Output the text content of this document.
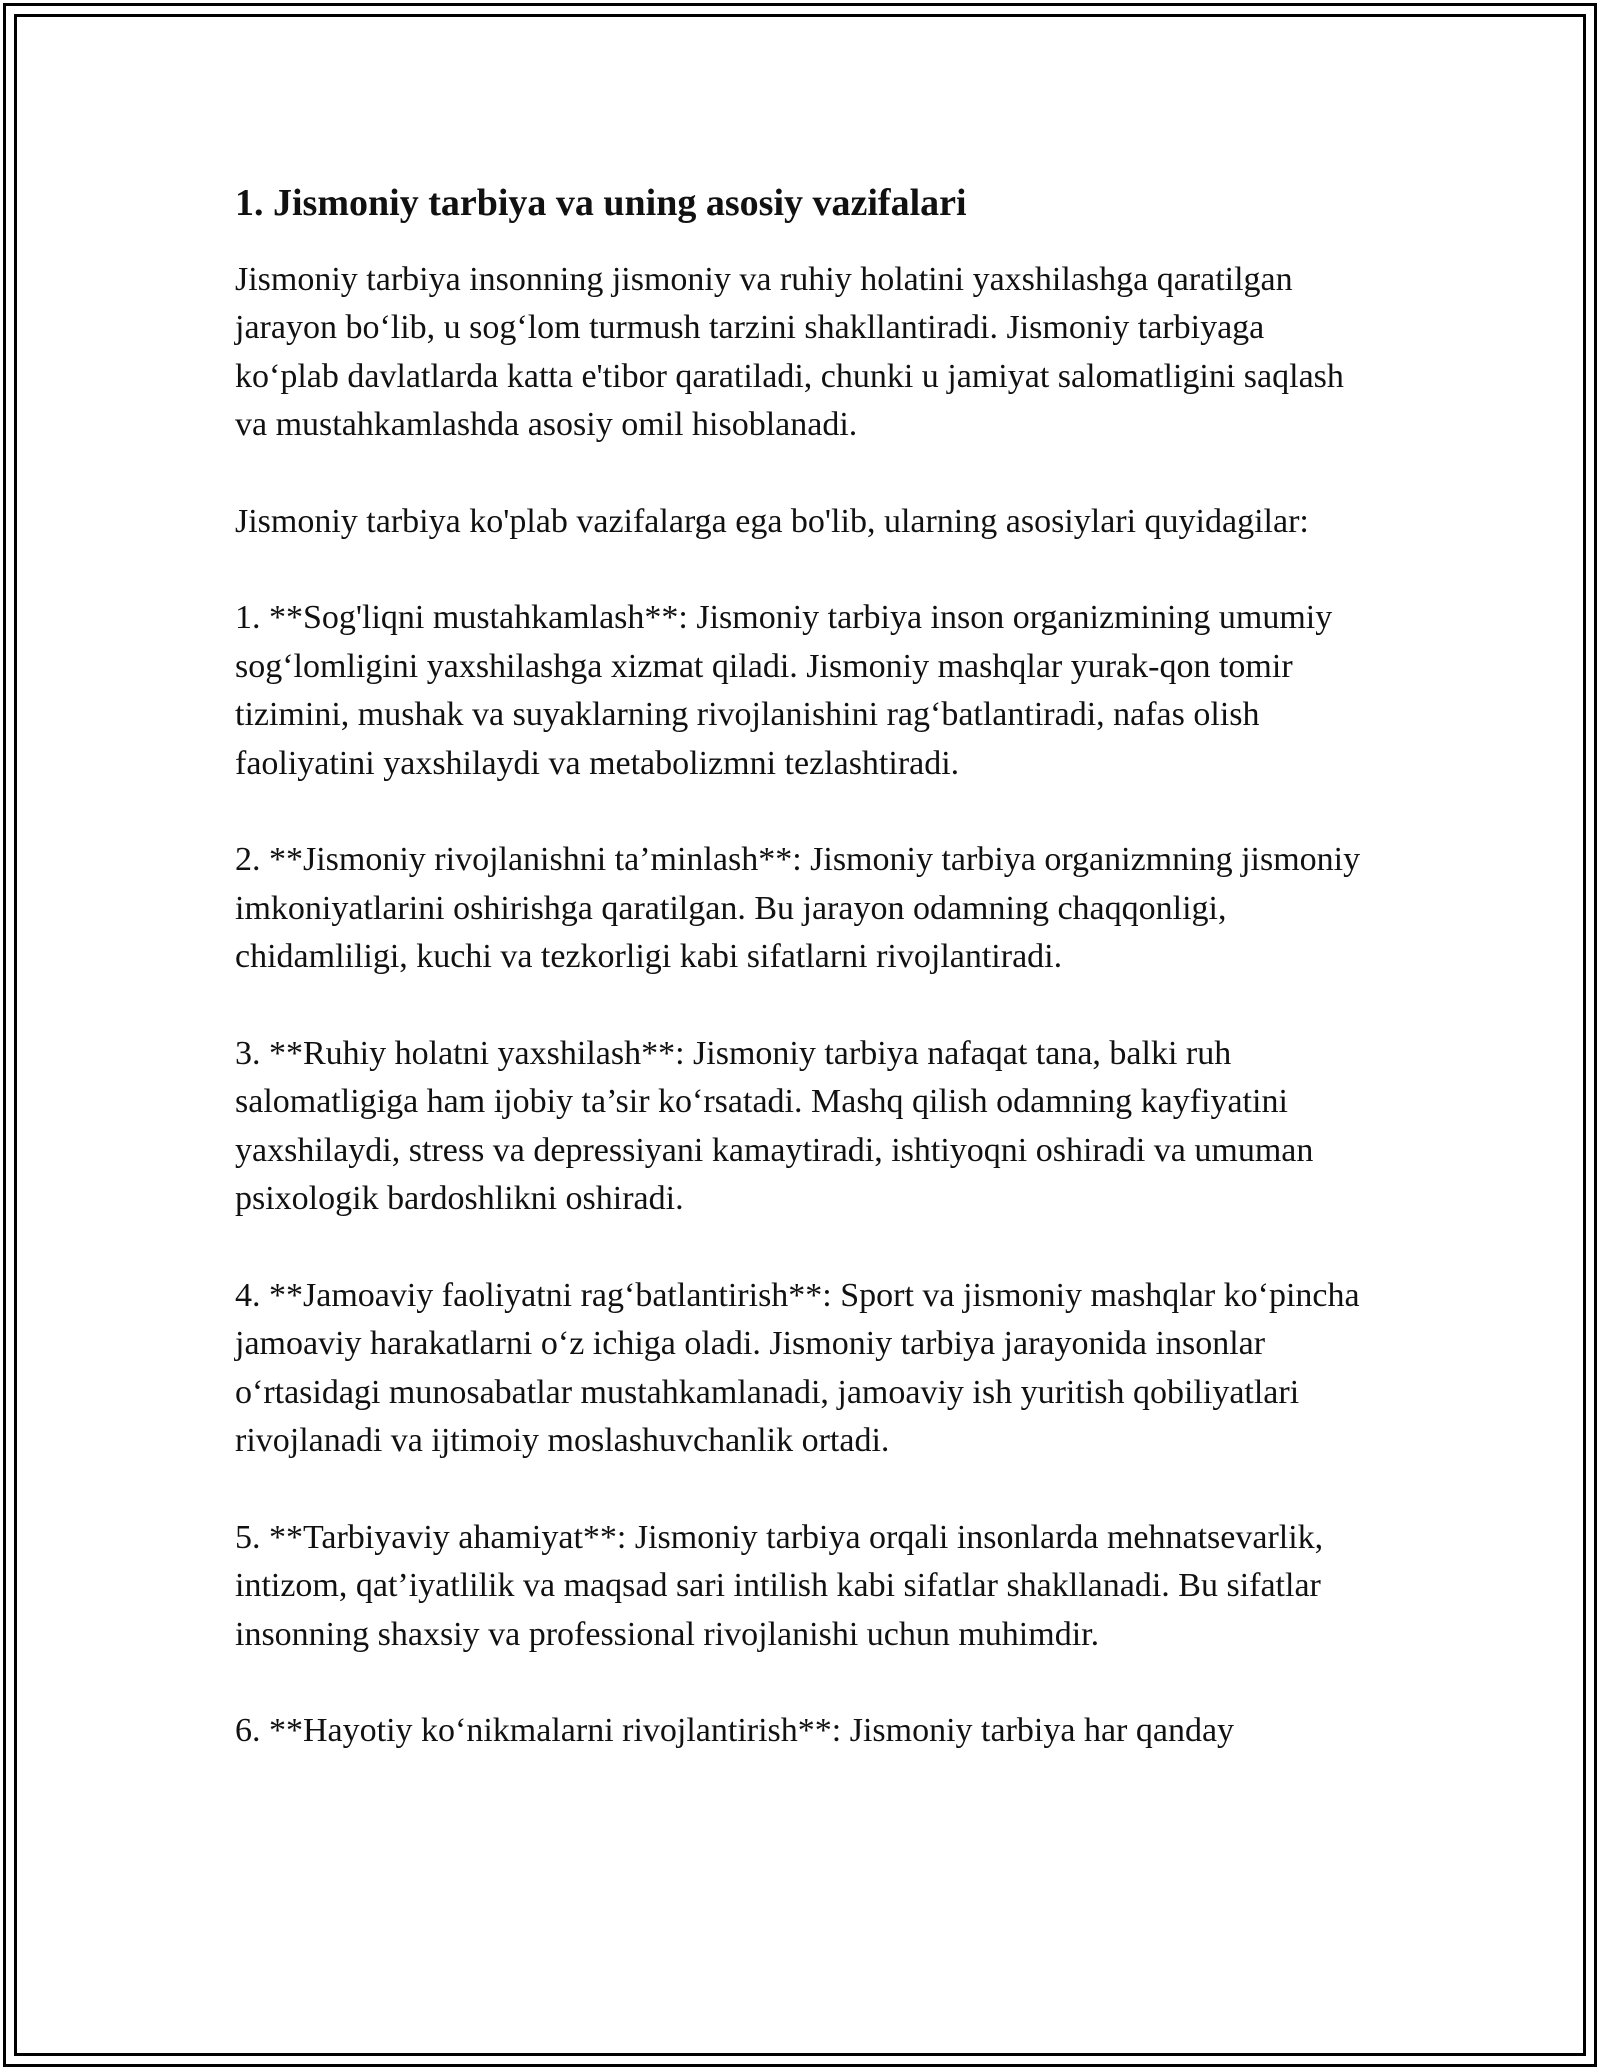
1. Jismoniy tarbiya va uning asosiy vazifalari

Jismoniy tarbiya insonning jismoniy va ruhiy holatini yaxshilashga qaratilgan jarayon bo‘lib, u sog‘lom turmush tarzini shakllantiradi. Jismoniy tarbiyaga ko‘plab davlatlarda katta e'tibor qaratiladi, chunki u jamiyat salomatligini saqlash va mustahkamlashda asosiy omil hisoblanadi.

Jismoniy tarbiya ko'plab vazifalarga ega bo'lib, ularning asosiylari quyidagilar:

1. **Sog'liqni mustahkamlash**: Jismoniy tarbiya inson organizmining umumiy sog‘lomligini yaxshilashga xizmat qiladi. Jismoniy mashqlar yurak-qon tomir tizimini, mushak va suyaklarning rivojlanishini rag‘batlantiradi, nafas olish faoliyatini yaxshilaydi va metabolizmni tezlashtiradi.

2. **Jismoniy rivojlanishni ta’minlash**: Jismoniy tarbiya organizmning jismoniy imkoniyatlarini oshirishga qaratilgan. Bu jarayon odamning chaqqonligi, chidamliligi, kuchi va tezkorligi kabi sifatlarni rivojlantiradi.

3. **Ruhiy holatni yaxshilash**: Jismoniy tarbiya nafaqat tana, balki ruh salomatligiga ham ijobiy ta’sir ko‘rsatadi. Mashq qilish odamning kayfiyatini yaxshilaydi, stress va depressiyani kamaytiradi, ishtiyoqni oshiradi va umuman psixologik bardoshlikni oshiradi.

4. **Jamoaviy faoliyatni rag‘batlantirish**: Sport va jismoniy mashqlar ko‘pincha jamoaviy harakatlarni o‘z ichiga oladi. Jismoniy tarbiya jarayonida insonlar o‘rtasidagi munosabatlar mustahkamlanadi, jamoaviy ish yuritish qobiliyatlari rivojlanadi va ijtimoiy moslashuvchanlik ortadi.

5. **Tarbiyaviy ahamiyat**: Jismoniy tarbiya orqali insonlarda mehnatsevarlik, intizom, qat’iyatlilik va maqsad sari intilish kabi sifatlar shakllanadi. Bu sifatlar insonning shaxsiy va professional rivojlanishi uchun muhimdir.

6. **Hayotiy ko‘nikmalarni rivojlantirish**: Jismoniy tarbiya har qanday
